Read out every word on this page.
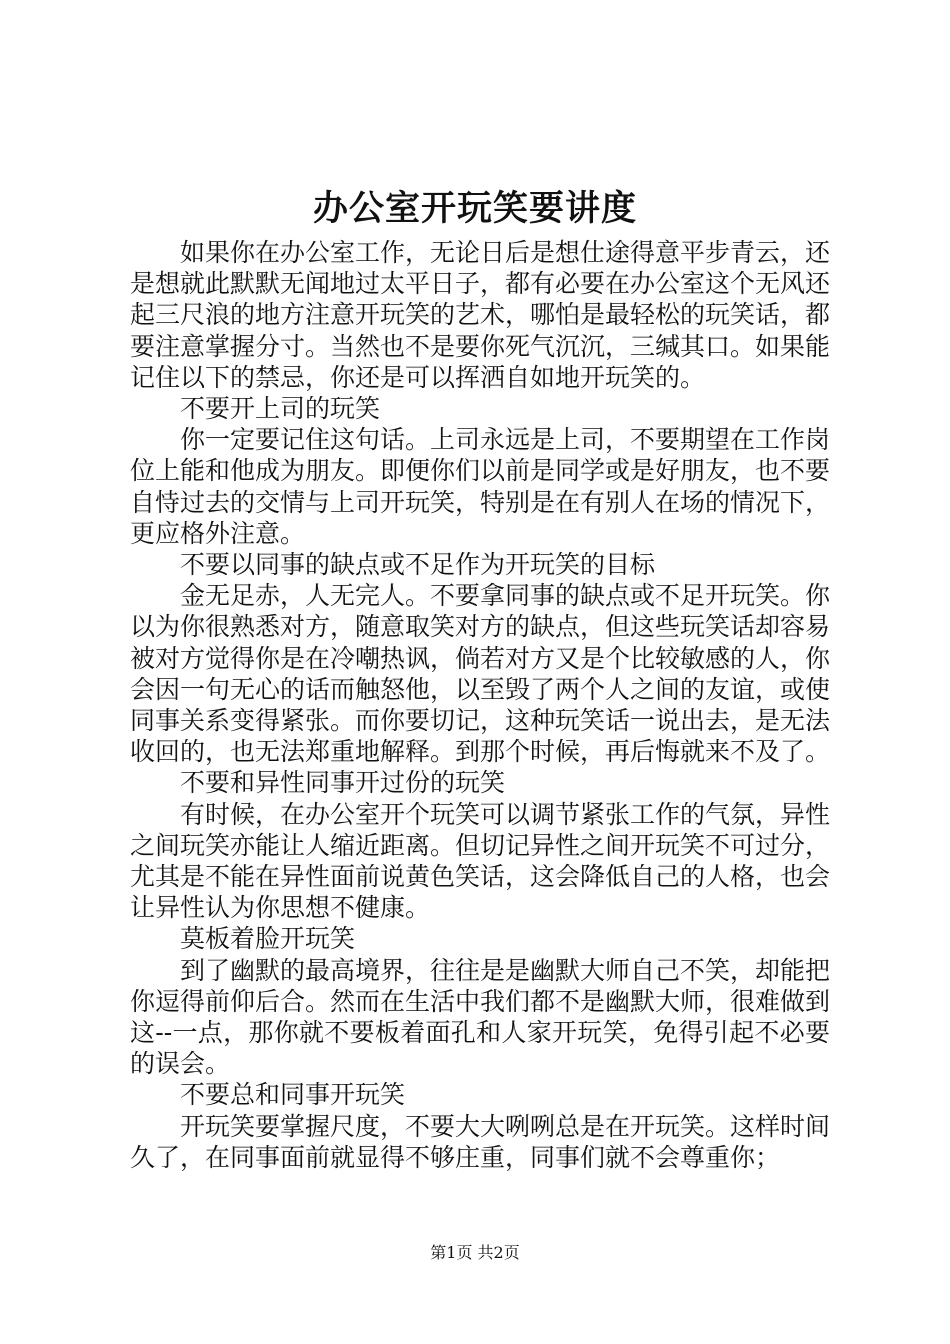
办公室开玩笑要讲度

如果你在办公室工作，无论日后是想仕途得意平步青云，还是想就此默默无闻地过太平日子，都有必要在办公室这个无风还起三尺浪的地方注意开玩笑的艺术，哪怕是最轻松的玩笑话，都要注意掌握分寸。当然也不是要你死气沉沉，三缄其口。如果能记住以下的禁忌，你还是可以挥洒自如地开玩笑的。

不要开上司的玩笑

你一定要记住这句话。上司永远是上司，不要期望在工作岗位上能和他成为朋友。即便你们以前是同学或是好朋友，也不要自恃过去的交情与上司开玩笑，特别是在有别人在场的情况下，更应格外注意。

不要以同事的缺点或不足作为开玩笑的目标

金无足赤，人无完人。不要拿同事的缺点或不足开玩笑。你以为你很熟悉对方，随意取笑对方的缺点，但这些玩笑话却容易被对方觉得你是在冷嘲热讽，倘若对方又是个比较敏感的人，你会因一句无心的话而触怒他，以至毁了两个人之间的友谊，或使同事关系变得紧张。而你要切记，这种玩笑话一说出去，是无法收回的，也无法郑重地解释。到那个时候，再后悔就来不及了。

不要和异性同事开过份的玩笑

有时候，在办公室开个玩笑可以调节紧张工作的气氛，异性之间玩笑亦能让人缩近距离。但切记异性之间开玩笑不可过分，尤其是不能在异性面前说黄色笑话，这会降低自己的人格，也会让异性认为你思想不健康。

莫板着脸开玩笑

到了幽默的最高境界，往往是是幽默大师自己不笑，却能把你逗得前仰后合。然而在生活中我们都不是幽默大师，很难做到这--一点，那你就不要板着面孔和人家开玩笑，免得引起不必要的误会。

不要总和同事开玩笑

开玩笑要掌握尺度，不要大大咧咧总是在开玩笑。这样时间久了，在同事面前就显得不够庄重，同事们就不会尊重你；

第1页 共2页
